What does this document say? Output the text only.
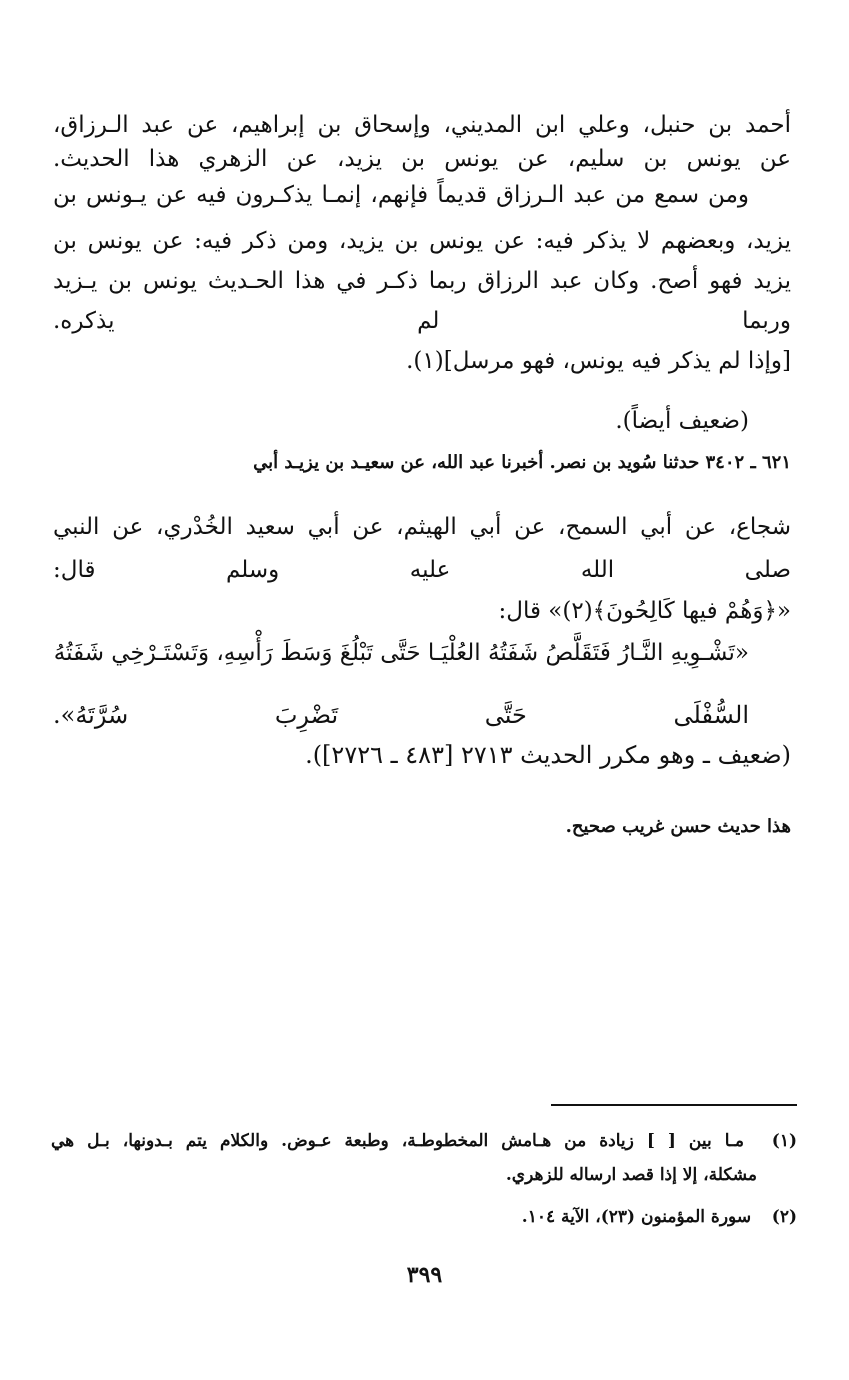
أحمد بن حنبل، وعلي ابن المديني، وإسحاق بن إبراهيم، عن عبد الـرزاق،
عن يونس بن سليم، عن يونس بن يزيد، عن الزهري هذا الحديث.
ومن سمع من عبد الـرزاق قديماً فإنهم، إنمـا يذكـرون فيه عن يـونس بن
يزيد، وبعضهم لا يذكر فيه: عن يونس بن يزيد، ومن ذكر فيه: عن يونس بن
يزيد فهو أصح. وكان عبد الرزاق ربما ذكـر في هذا الحـديث يونس بن يـزيد
وربما لم يذكره.
[وإذا لم يذكر فيه يونس، فهو مرسل](١).
(ضعيف أيضاً).
٦٢١ ـ ٣٤٠٢ حدثنا سُويد بن نصر. أخبرنا عبد الله، عن سعيـد بن يزيـد أبي
شجاع، عن أبي السمح، عن أبي الهيثم، عن أبي سعيد الخُدْري، عن النبي
صلى الله عليه وسلم قال:
«﴿وَهُمْ فيها كَالِحُونَ﴾(٢)» قال:
«تَشْـوِيهِ النَّـارُ فَتَقَلَّصُ شَفَتُهُ العُلْيَـا حَتَّى تَبْلُغَ وَسَطَ رَأْسِهِ، وَتَسْتَـرْخِي شَفَتُهُ
السُّفْلَى حَتَّى تَضْرِبَ سُرَّتَهُ».
(ضعيف ـ وهو مكرر الحديث ٢٧١٣ [٤٨٣ ـ ٢٧٢٦]).
هذا حديث حسن غريب صحيح.
(١) مـا بين [ ] زيادة من هـامش المخطوطـة، وطبعة عـوض. والكلام يتم بـدونها، بـل هي
مشكلة، إلا إذا قصد ارساله للزهري.
(٢) سورة المؤمنون (٢٣)، الآية ١٠٤.
٣٩٩
